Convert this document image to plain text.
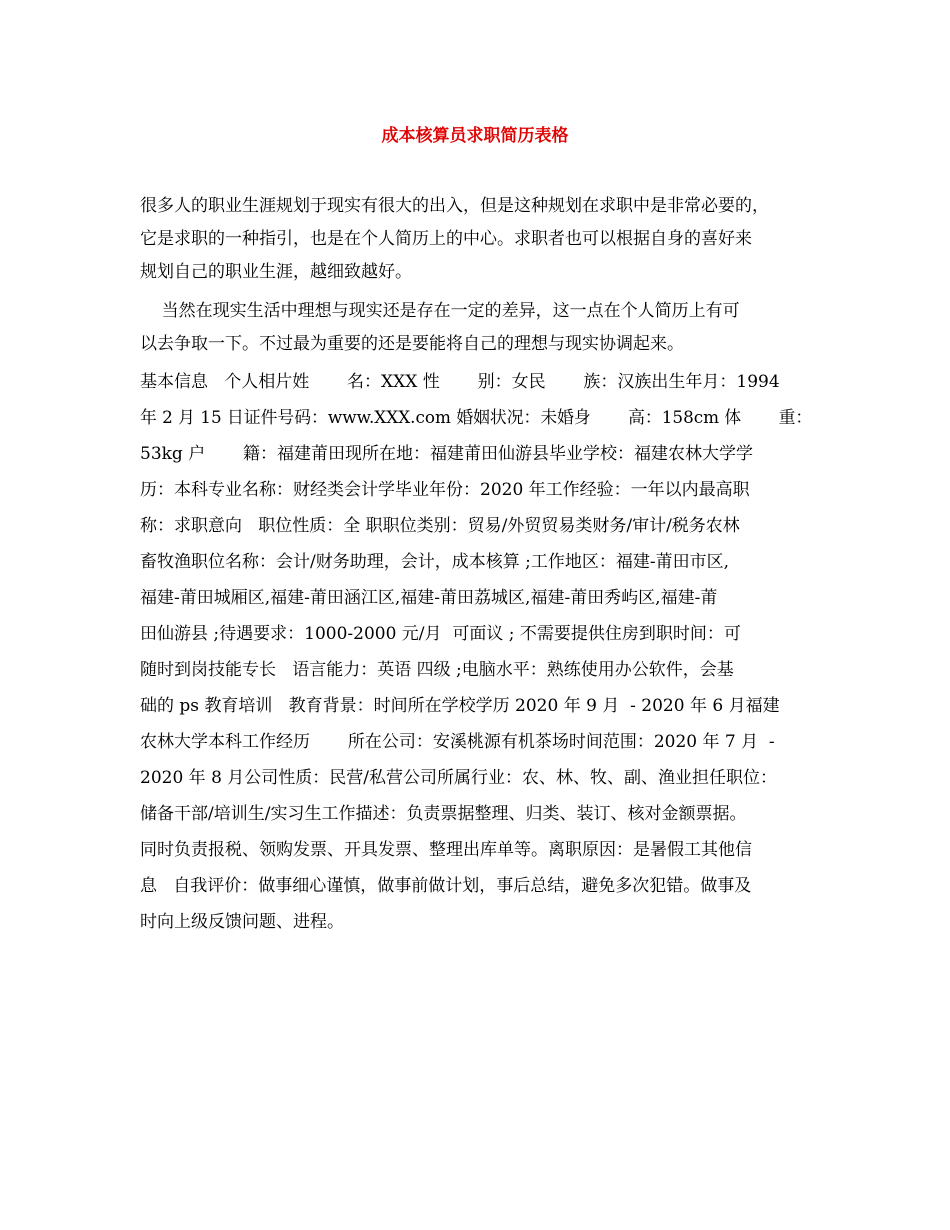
成本核算员求职简历表格

很多人的职业生涯规划于现实有很大的出入，但是这种规划在求职中是非常必要的，

它是求职的一种指引，也是在个人简历上的中心。求职者也可以根据自身的喜好来

规划自己的职业生涯，越细致越好。

当然在现实生活中理想与现实还是存在一定的差异，这一点在个人简历上有可

以去争取一下。不过最为重要的还是要能将自己的理想与现实协调起来。

基本信息   个人相片姓       名：XXX 性       别：女民       族：汉族出生年月：1994

年 2 月 15 日证件号码：www.XXX.com 婚姻状况：未婚身       高：158cm 体       重：

53kg 户       籍：福建莆田现所在地：福建莆田仙游县毕业学校：福建农林大学学

历：本科专业名称：财经类会计学毕业年份：2020 年工作经验：一年以内最高职

称：求职意向   职位性质：全 职职位类别：贸易/外贸贸易类财务/审计/税务农林

畜牧渔职位名称：会计/财务助理，会计，成本核算 ;工作地区：福建-莆田市区,

福建-莆田城厢区,福建-莆田涵江区,福建-莆田荔城区,福建-莆田秀屿区,福建-莆

田仙游县 ;待遇要求：1000-2000 元/月  可面议 ; 不需要提供住房到职时间：可

随时到岗技能专长   语言能力：英语 四级 ;电脑水平：熟练使用办公软件，会基

础的 ps 教育培训   教育背景：时间所在学校学历 2020 年 9 月  - 2020 年 6 月福建

农林大学本科工作经历       所在公司：安溪桃源有机茶场时间范围：2020 年 7 月  -

2020 年 8 月公司性质：民营/私营公司所属行业：农、林、牧、副、渔业担任职位：

储备干部/培训生/实习生工作描述：负责票据整理、归类、装订、核对金额票据。

同时负责报税、领购发票、开具发票、整理出库单等。离职原因：是暑假工其他信

息   自我评价：做事细心谨慎，做事前做计划，事后总结，避免多次犯错。做事及

时向上级反馈问题、进程。
